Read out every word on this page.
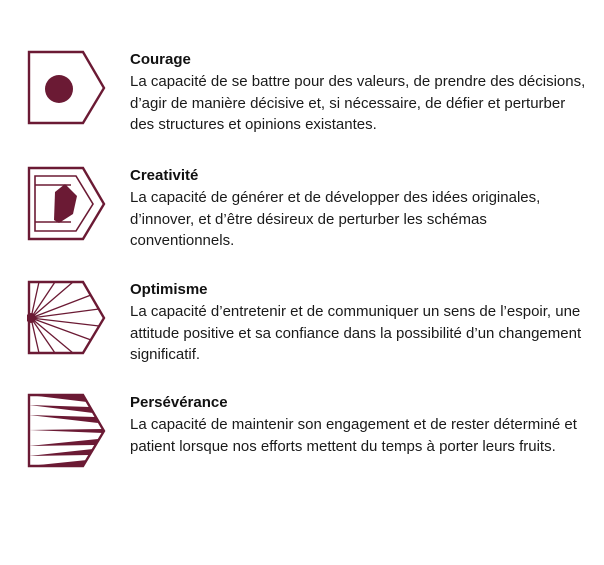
Courage

La capacité de se battre pour des valeurs, de prendre des décisions, d’agir de manière décisive et, si nécessaire, de défier et perturber des structures et opinions existantes.

Creativité

La capacité de générer et de développer des idées originales, d’innover, et d’être désireux de perturber les schémas conventionnels.

Optimisme

La capacité d’entretenir et de communiquer un sens de l’espoir, une attitude positive et sa confiance dans la possibilité d’un changement significatif.

Persévérance

La capacité de maintenir son engagement et de rester déterminé et patient lorsque nos efforts mettent du temps à porter leurs fruits.
